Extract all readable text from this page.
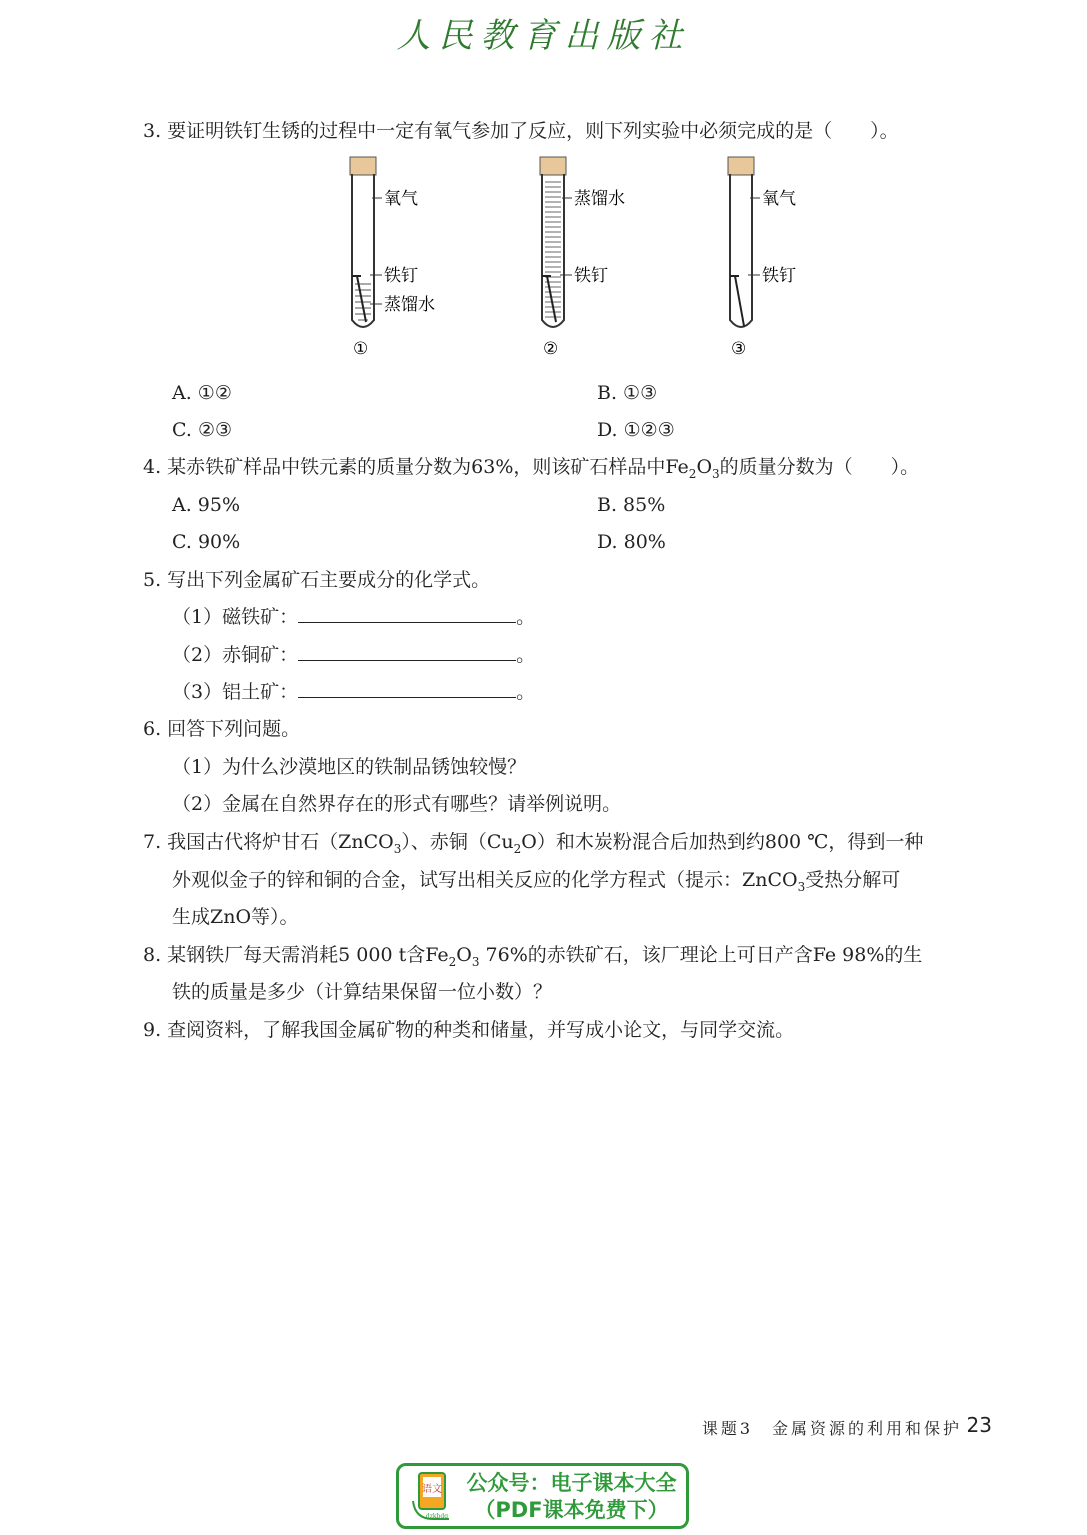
人民教育出版社
3. 要证明铁钉生锈的过程中一定有氧气参加了反应，则下列实验中必须完成的是（　　）。
氧气
铁钉
蒸馏水
①
蒸馏水
铁钉
②
氧气
铁钉
③
A. ①②	B. ①③
C. ②③	D. ①②③
4. 某赤铁矿样品中铁元素的质量分数为63%，则该矿石样品中$Fe_2O_3$的质量分数为（　　）。
A. 95%	B. 85%
C. 90%	D. 80%
5. 写出下列金属矿石主要成分的化学式。
（1）磁铁矿：	。
（2）赤铜矿：	。
（3）铝土矿：	。
6. 回答下列问题。
（1）为什么沙漠地区的铁制品锈蚀较慢？
（2）金属在自然界存在的形式有哪些？请举例说明。
7. 我国古代将炉甘石（ZnCO$_3$）、赤铜$(Cu_2O)$和木炭粉混合后加热到约800 ℃，得到一种
外观似金子的锌和铜的合金，试写出相关反应的化学方程式（提示：ZnCO$_3$受热分解可
生成ZnO等）。
8. 某钢铁厂每天需消耗5 000 t含$Fe_2O_3$ 76%的赤铁矿石，该厂理论上可日产含Fe 98%的生
铁的质量是多少（计算结果保留一位小数）？
9. 查阅资料，了解我国金属矿物的种类和储量，并写成小论文，与同学交流。
课题3　金属资源的利用和保护 23
语文
dzkbdq
公众号：电子课本大全
（PDF课本免费下）
